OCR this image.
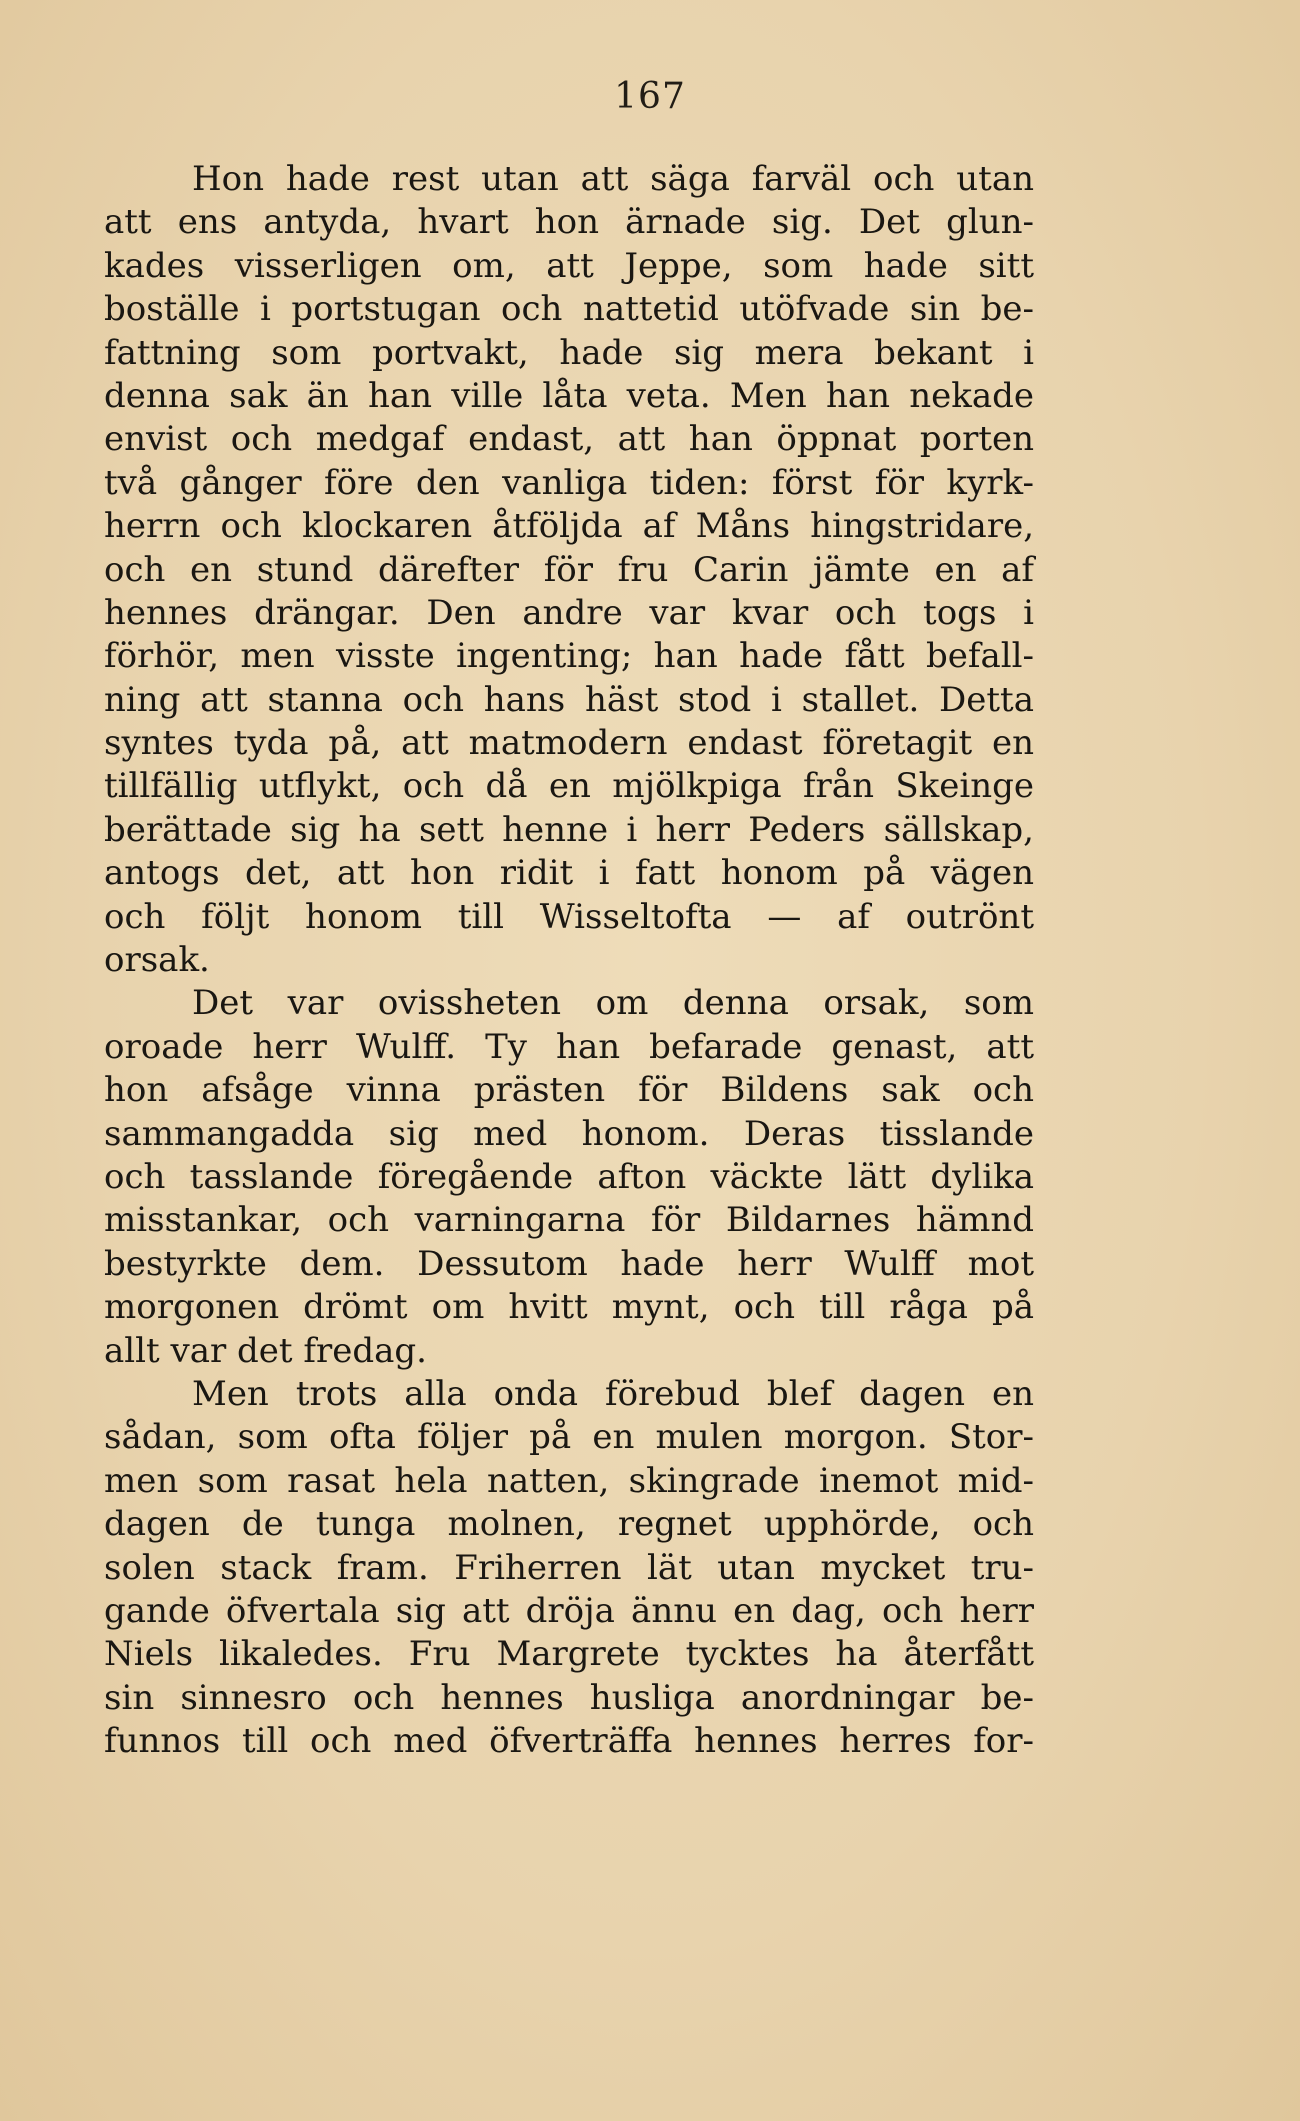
167
Hon hade rest utan att säga farväl och utan
att ens antyda, hvart hon ärnade sig. Det glun-
kades visserligen om, att Jeppe, som hade sitt
boställe i portstugan och nattetid utöfvade sin be-
fattning som portvakt, hade sig mera bekant i
denna sak än han ville låta veta. Men han nekade
envist och medgaf endast, att han öppnat porten
två gånger före den vanliga tiden: först för kyrk-
herrn och klockaren åtföljda af Måns hingstridare,
och en stund därefter för fru Carin jämte en af
hennes drängar. Den andre var kvar och togs i
förhör, men visste ingenting; han hade fått befall-
ning att stanna och hans häst stod i stallet. Detta
syntes tyda på, att matmodern endast företagit en
tillfällig utflykt, och då en mjölkpiga från Skeinge
berättade sig ha sett henne i herr Peders sällskap,
antogs det, att hon ridit i fatt honom på vägen
och följt honom till Wisseltofta — af outrönt
orsak.
Det var ovissheten om denna orsak, som
oroade herr Wulff. Ty han befarade genast, att
hon afsåge vinna prästen för Bildens sak och
sammangadda sig med honom. Deras tisslande
och tasslande föregående afton väckte lätt dylika
misstankar, och varningarna för Bildarnes hämnd
bestyrkte dem. Dessutom hade herr Wulff mot
morgonen drömt om hvitt mynt, och till råga på
allt var det fredag.
Men trots alla onda förebud blef dagen en
sådan, som ofta följer på en mulen morgon. Stor-
men som rasat hela natten, skingrade inemot mid-
dagen de tunga molnen, regnet upphörde, och
solen stack fram. Friherren lät utan mycket tru-
gande öfvertala sig att dröja ännu en dag, och herr
Niels likaledes. Fru Margrete tycktes ha återfått
sin sinnesro och hennes husliga anordningar be-
funnos till och med öfverträffa hennes herres for-
